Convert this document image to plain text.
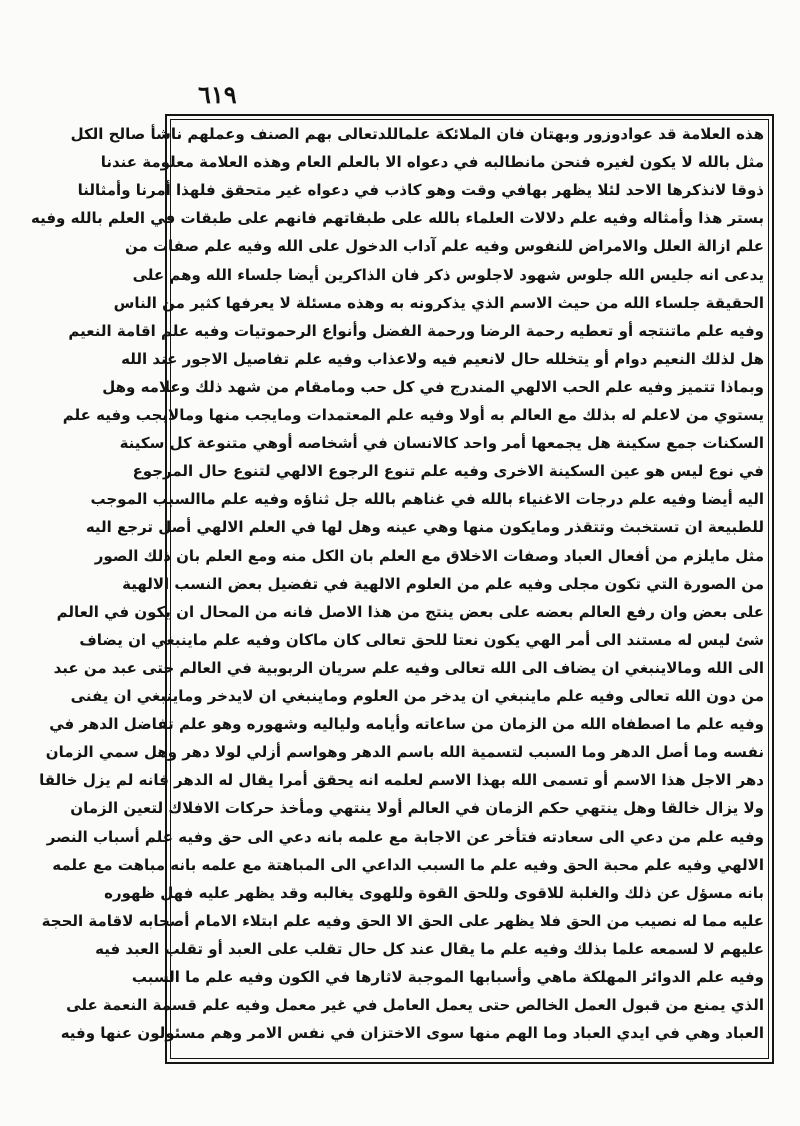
٦١٩
هذه العلامة قد عوادوزور وبهتان فان الملائكة علماللدتعالى بهم الصنف وعملهم ناشأ صالح الكل
مثل بالله لا يكون لغيره فنحن مانطالبه في دعواه الا بالعلم العام وهذه العلامة معلومة عندنا
ذوقا لانذكرها الاحد لئلا يظهر بهافي وقت وهو كاذب في دعواه غير متحقق فلهذا أمرنا وأمثالنا
بستر هذا وأمثاله وفيه علم دلالات العلماء بالله على طبقاتهم فانهم على طبقات في العلم بالله وفيه
علم ازالة العلل والامراض للنفوس وفيه علم آداب الدخول على الله وفيه علم صفات من
يدعى انه جليس الله جلوس شهود لاجلوس ذكر فان الذاكرين أيضا جلساء الله وهم على
الحقيقة جلساء الله من حيث الاسم الذي يذكرونه به وهذه مسئلة لا يعرفها كثير من الناس
وفيه علم ماتنتجه أو تعطيه رحمة الرضا ورحمة الفضل وأنواع الرحموتيات وفيه علم اقامة النعيم
هل لذلك النعيم دوام أو يتخلله حال لانعيم فيه ولاعذاب وفيه علم تفاصيل الاجور عند الله
وبماذا تتميز وفيه علم الحب الالهي المندرج في كل حب ومامقام من شهد ذلك وعلامه وهل
يستوي من لاعلم له بذلك مع العالم به أولا وفيه علم المعتمدات ومايجب منها ومالايجب وفيه علم
السكنات جمع سكينة هل يجمعها أمر واحد كالانسان في أشخاصه أوهي متنوعة كل سكينة
في نوع ليس هو عين السكينة الاخرى وفيه علم تنوع الرجوع الالهي لتنوع حال المرجوع
اليه أيضا وفيه علم درجات الاغنياء بالله في غناهم بالله جل ثناؤه وفيه علم ماالسبب الموجب
للطبيعة ان تستخبث وتتقذر ومايكون منها وهي عينه وهل لها في العلم الالهي أصل ترجع اليه
مثل مايلزم من أفعال العباد وصفات الاخلاق مع العلم بان الكل منه ومع العلم بان ذلك الصور
من الصورة التي تكون مجلى وفيه علم من العلوم الالهية في تفضيل بعض النسب الالهية
على بعض وان رفع العالم بعضه على بعض ينتج من هذا الاصل فانه من المحال ان يكون في العالم
شئ ليس له مستند الى أمر الهي يكون نعتا للحق تعالى كان ماكان وفيه علم ماينبغي ان يضاف
الى الله ومالاينبغي ان يضاف الى الله تعالى وفيه علم سريان الربوبية في العالم حتى عبد من عبد
من دون الله تعالى وفيه علم ماينبغي ان يدخر من العلوم وماينبغي ان لايدخر وماينبغي ان يفنى
وفيه علم ما اصطفاه الله من الزمان من ساعاته وأيامه ولياليه وشهوره وهو علم تفاضل الدهر في
نفسه وما أصل الدهر وما السبب لتسمية الله باسم الدهر وهواسم أزلي لولا دهر وهل سمي الزمان
دهر الاجل هذا الاسم أو تسمى الله بهذا الاسم لعلمه انه يحقق أمرا يقال له الدهر فانه لم يزل خالقا
ولا يزال خالقا وهل ينتهي حكم الزمان في العالم أولا ينتهي ومأخذ حركات الافلاك لتعين الزمان
وفيه علم من دعي الى سعادته فتأخر عن الاجابة مع علمه بانه دعي الى حق وفيه علم أسباب النصر
الالهي وفيه علم محبة الحق وفيه علم ما السبب الداعي الى المباهتة مع علمه بانه مباهت مع علمه
بانه مسؤل عن ذلك والغلبة للاقوى وللحق القوة وللهوى يغالبه وقد يظهر عليه فهل ظهوره
عليه مما له نصيب من الحق فلا يظهر على الحق الا الحق وفيه علم ابتلاء الامام أصحابه لاقامة الحجة
عليهم لا لسمعه علما بذلك وفيه علم ما يقال عند كل حال تقلب على العبد أو تقلب العبد فيه
وفيه علم الدوائر المهلكة ماهي وأسبابها الموجبة لاثارها في الكون وفيه علم ما السبب
الذي يمنع من قبول العمل الخالص حتى يعمل العامل في غير معمل وفيه علم قسمة النعمة على
العباد وهي في ايدي العباد وما الهم منها سوى الاختزان في نفس الامر وهم مسئولون عنها وفيه
